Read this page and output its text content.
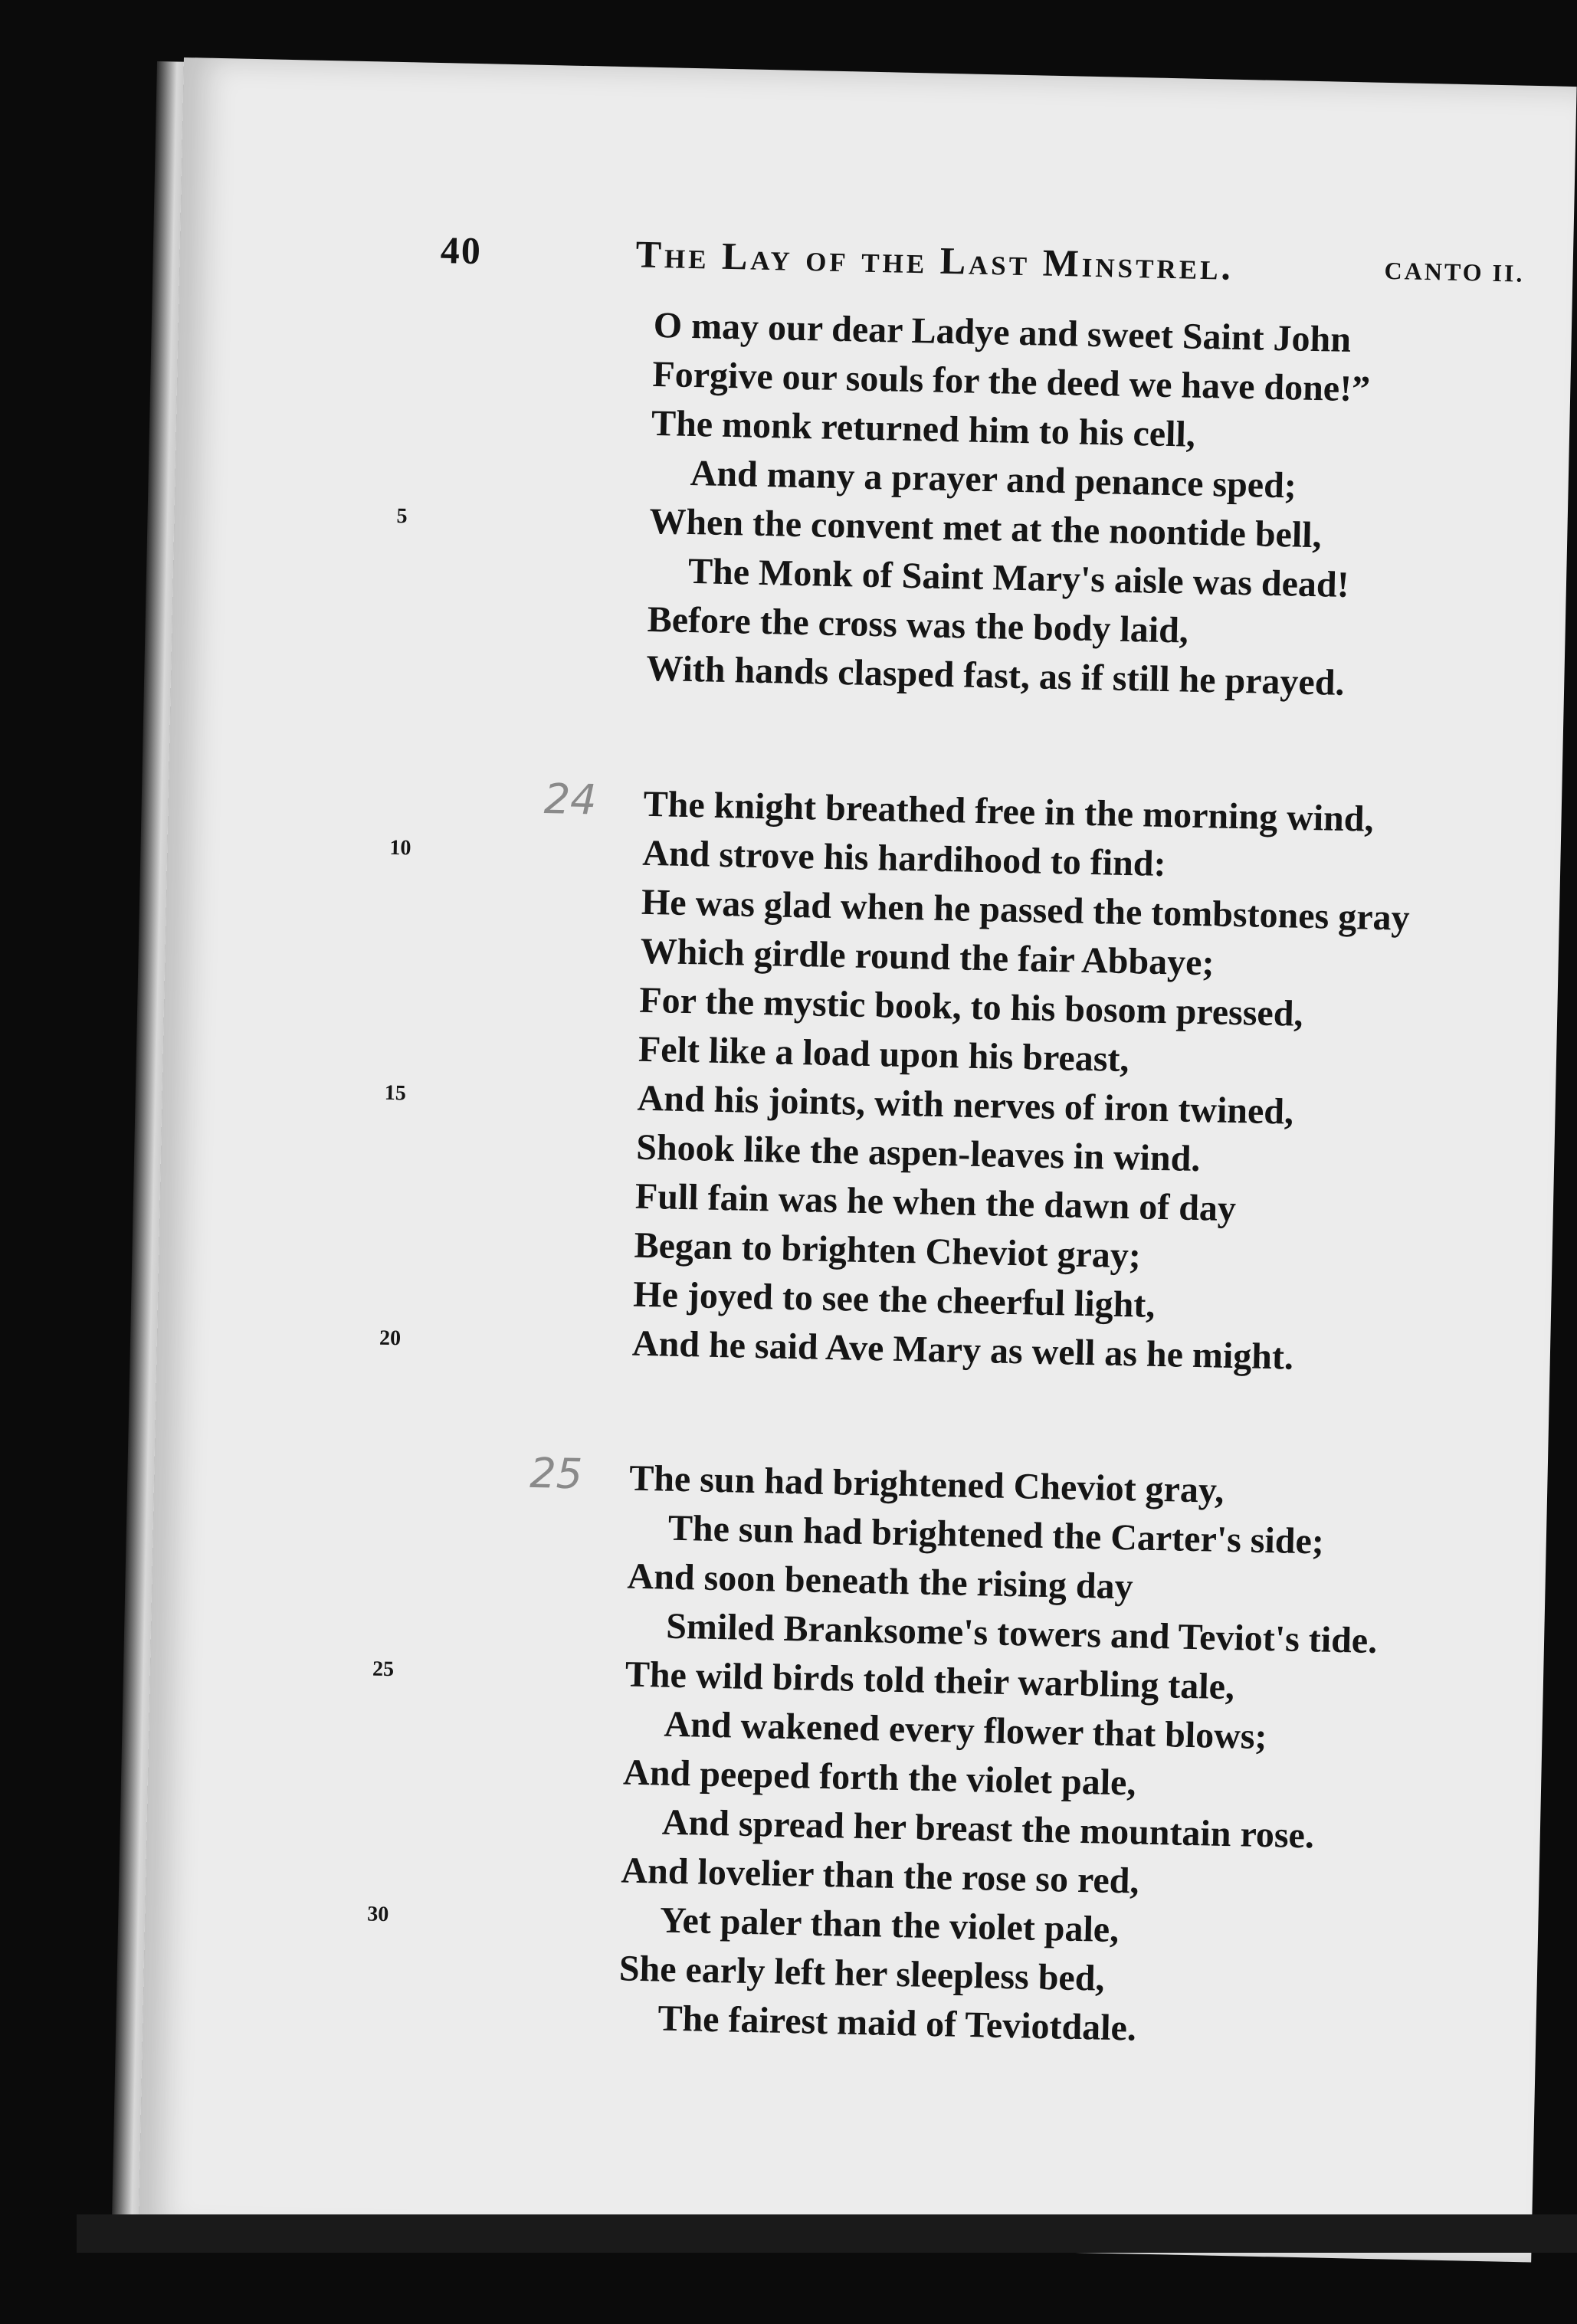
40	The Lay of the Last Minstrel.	CANTO II.
O may our dear Ladye and sweet Saint John
Forgive our souls for the deed we have done!”
The monk returned him to his cell,
And many a prayer and penance sped;
5	When the convent met at the noontide bell,
The Monk of Saint Mary's aisle was dead!
Before the cross was the body laid,
With hands clasped fast, as if still he prayed.
24 The knight breathed free in the morning wind,
10	And strove his hardihood to find:
He was glad when he passed the tombstones gray
Which girdle round the fair Abbaye;
For the mystic book, to his bosom pressed,
Felt like a load upon his breast,
15	And his joints, with nerves of iron twined,
Shook like the aspen-leaves in wind.
Full fain was he when the dawn of day
Began to brighten Cheviot gray;
He joyed to see the cheerful light,
20	And he said Ave Mary as well as he might.
25 The sun had brightened Cheviot gray,
The sun had brightened the Carter's side;
And soon beneath the rising day
Smiled Branksome's towers and Teviot's tide.
25	The wild birds told their warbling tale,
And wakened every flower that blows;
And peeped forth the violet pale,
And spread her breast the mountain rose.
And lovelier than the rose so red,
30	Yet paler than the violet pale,
She early left her sleepless bed,
The fairest maid of Teviotdale.
